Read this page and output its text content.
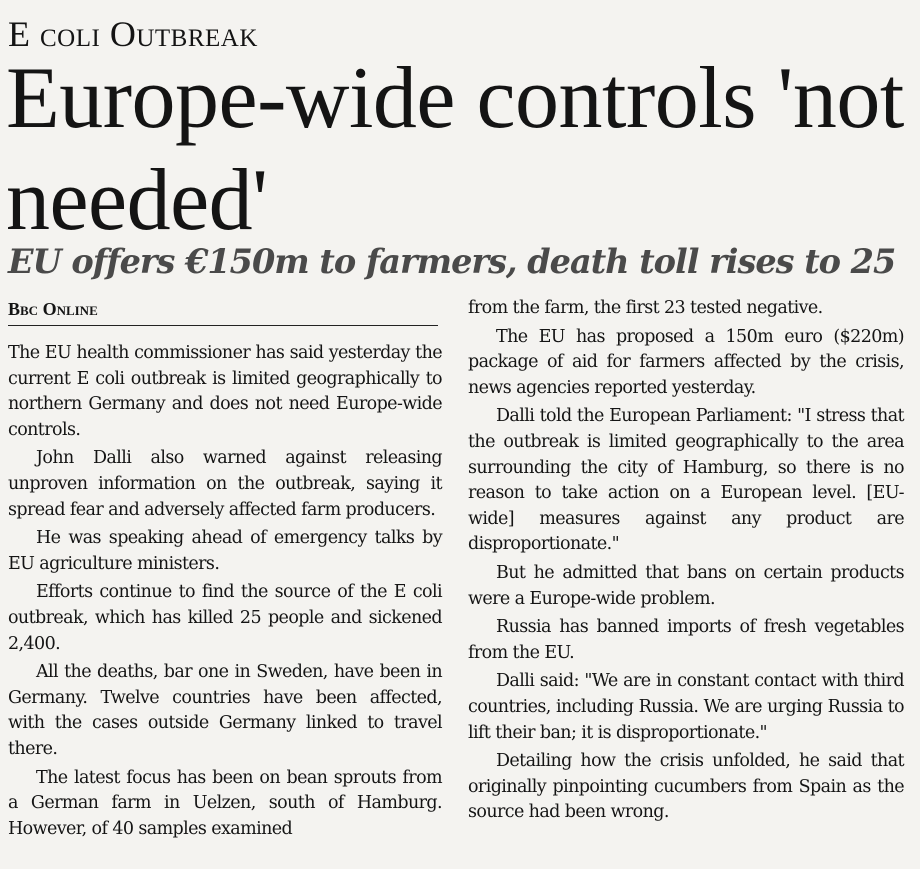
E coli Outbreak
Europe-wide controls 'not needed'
EU offers €150m to farmers, death toll rises to 25
Bbc Online

The EU health commissioner has said yesterday the current E coli outbreak is limited geographically to northern Germany and does not need Europe-wide controls.

John Dalli also warned against releasing unproven information on the outbreak, saying it spread fear and adversely affected farm producers.

He was speaking ahead of emergency talks by EU agriculture ministers.

Efforts continue to find the source of the E coli outbreak, which has killed 25 people and sickened 2,400.

All the deaths, bar one in Sweden, have been in Germany. Twelve countries have been affected, with the cases outside Germany linked to travel there.

The latest focus has been on bean sprouts from a German farm in Uelzen, south of Hamburg. However, of 40 samples examined

from the farm, the first 23 tested negative.

The EU has proposed a 150m euro ($220m) package of aid for farmers affected by the crisis, news agencies reported yesterday.

Dalli told the European Parliament: "I stress that the outbreak is limited geographically to the area surrounding the city of Hamburg, so there is no reason to take action on a European level. [EU-wide] measures against any product are disproportionate."

But he admitted that bans on certain products were a Europe-wide problem.

Russia has banned imports of fresh vegetables from the EU.

Dalli said: "We are in constant contact with third countries, including Russia. We are urging Russia to lift their ban; it is disproportionate."

Detailing how the crisis unfolded, he said that originally pinpointing cucumbers from Spain as the source had been wrong.
